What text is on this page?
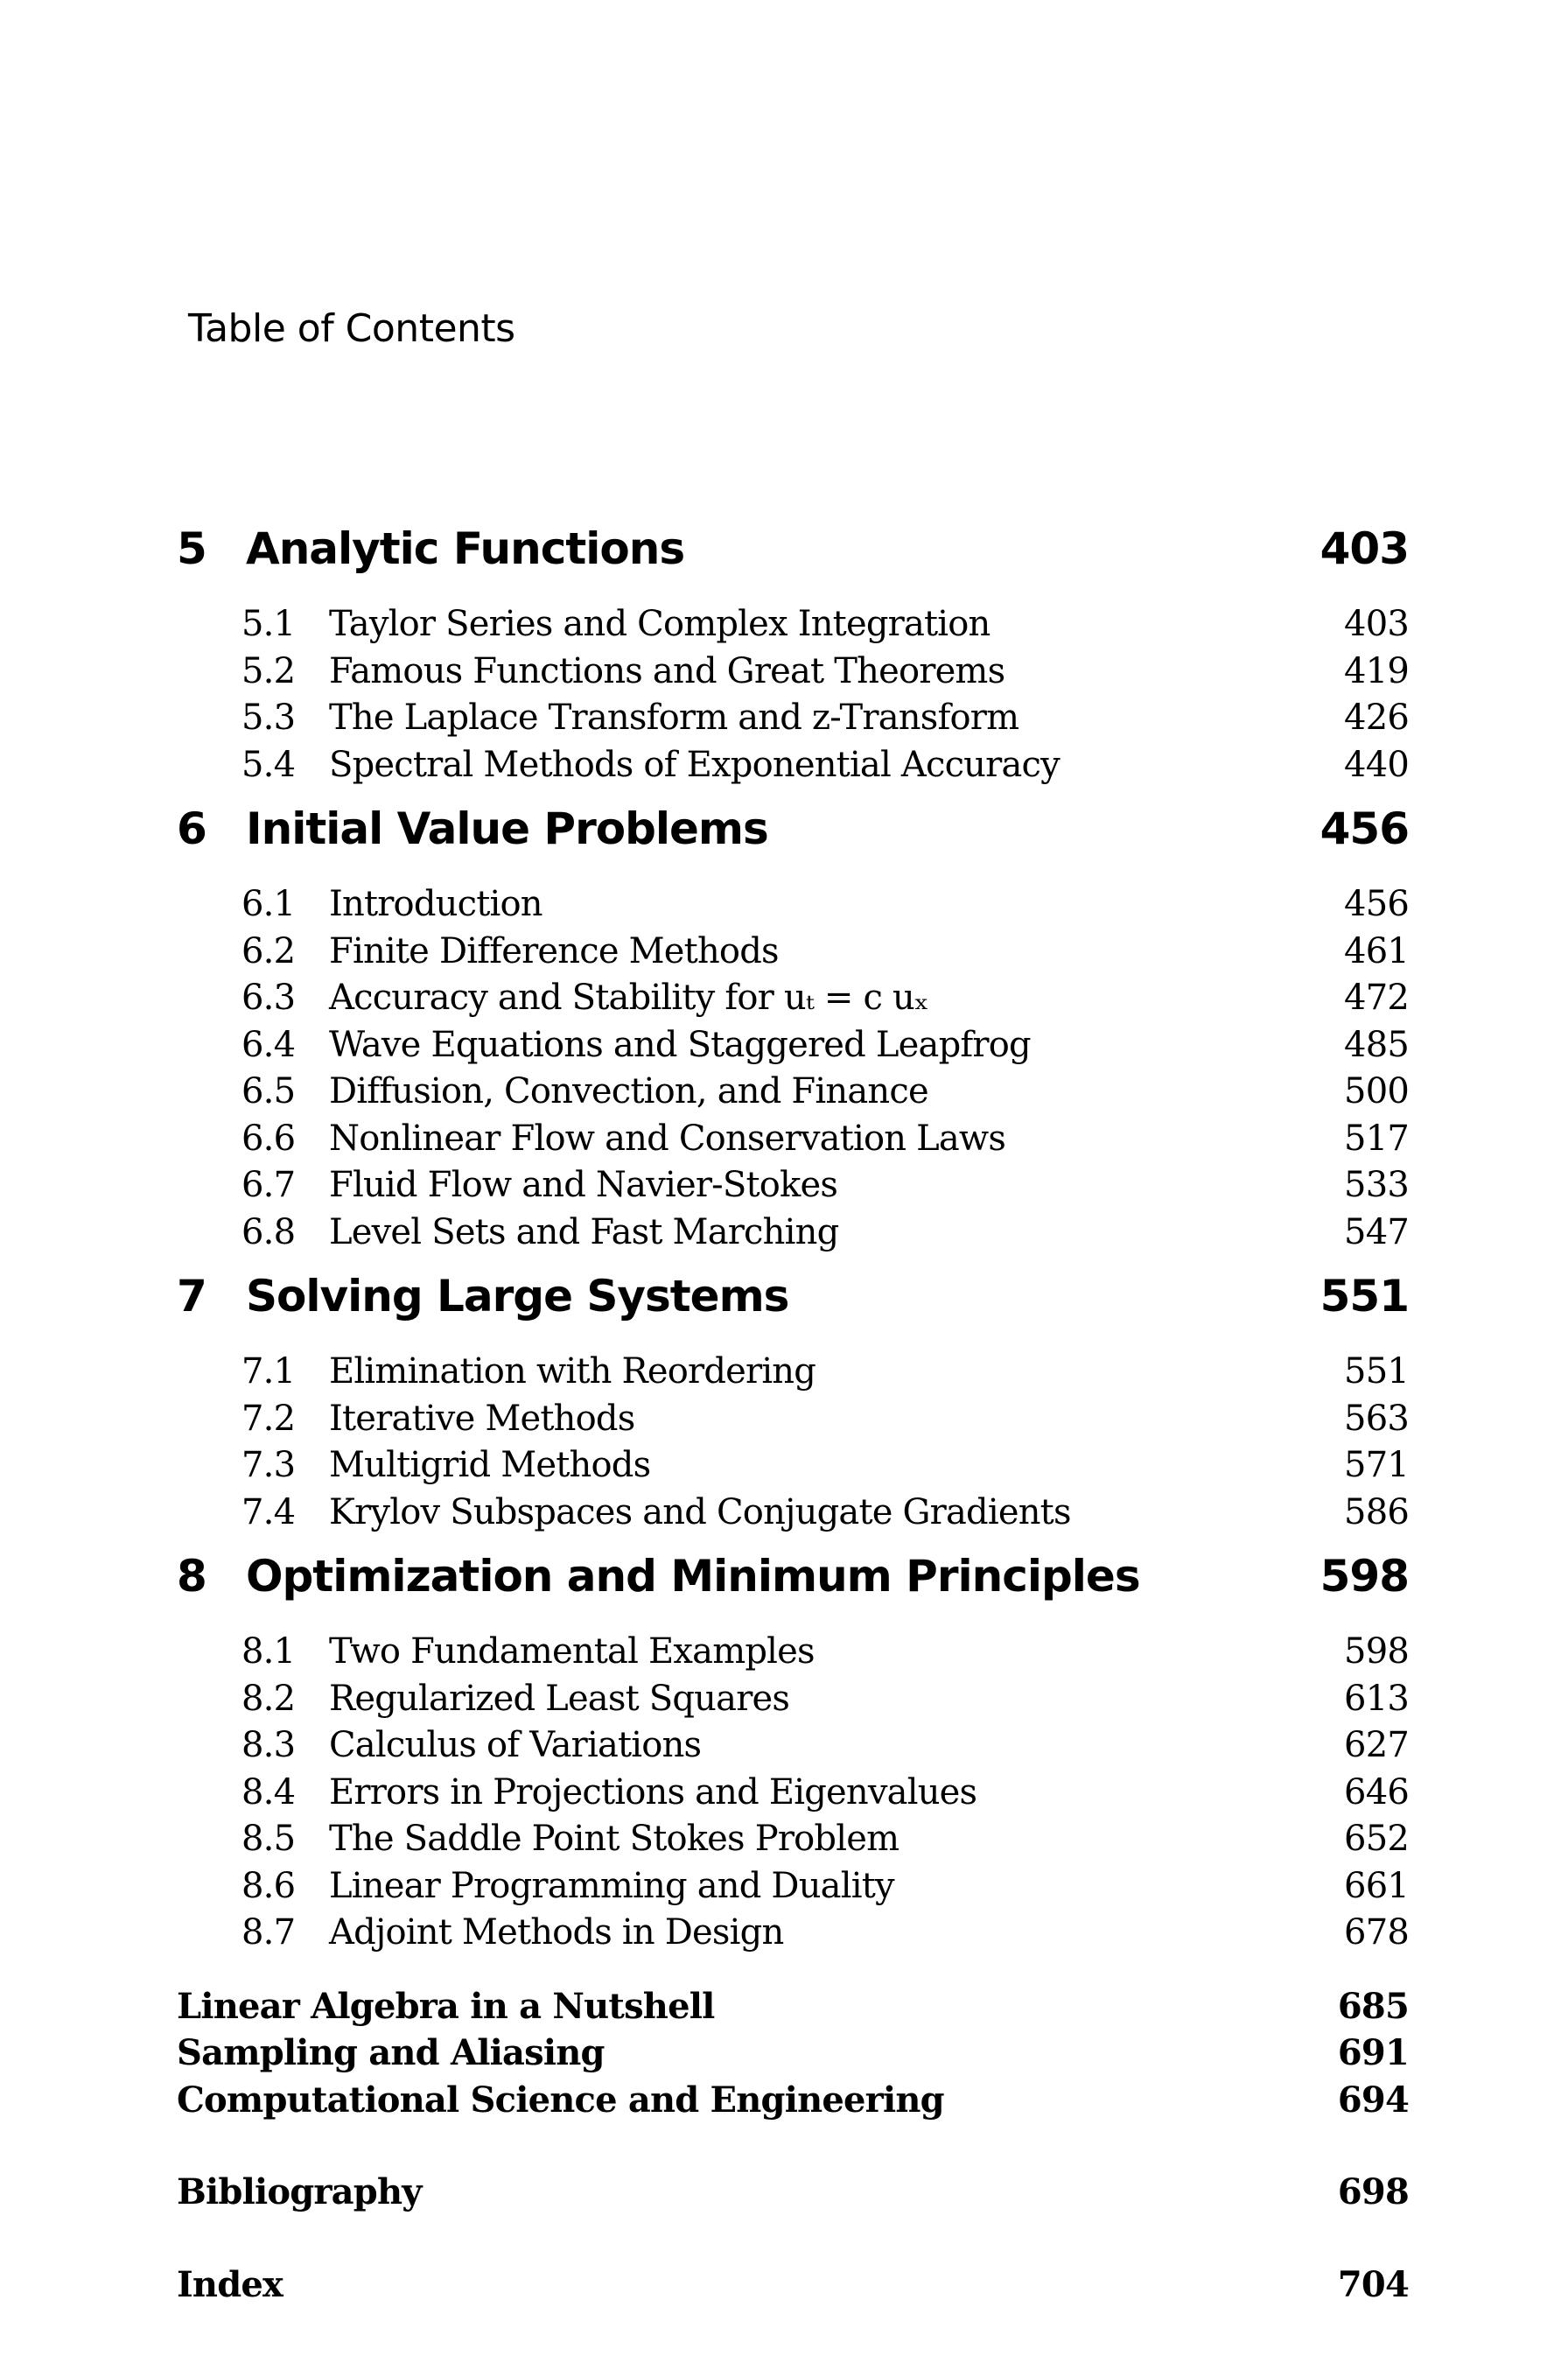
Table of Contents
5 Analytic Functions	403
5.1 Taylor Series and Complex Integration	403
5.2 Famous Functions and Great Theorems	419
5.3 The Laplace Transform and z-Transform	426
5.4 Spectral Methods of Exponential Accuracy	440
6 Initial Value Problems	456
6.1 Introduction	456
6.2 Finite Difference Methods	461
6.3 Accuracy and Stability for uₜ = c uₓ	472
6.4 Wave Equations and Staggered Leapfrog	485
6.5 Diffusion, Convection, and Finance	500
6.6 Nonlinear Flow and Conservation Laws	517
6.7 Fluid Flow and Navier-Stokes	533
6.8 Level Sets and Fast Marching	547
7 Solving Large Systems	551
7.1 Elimination with Reordering	551
7.2 Iterative Methods	563
7.3 Multigrid Methods	571
7.4 Krylov Subspaces and Conjugate Gradients	586
8 Optimization and Minimum Principles	598
8.1 Two Fundamental Examples	598
8.2 Regularized Least Squares	613
8.3 Calculus of Variations	627
8.4 Errors in Projections and Eigenvalues	646
8.5 The Saddle Point Stokes Problem	652
8.6 Linear Programming and Duality	661
8.7 Adjoint Methods in Design	678
Linear Algebra in a Nutshell	685
Sampling and Aliasing	691
Computational Science and Engineering	694
Bibliography	698
Index	704
